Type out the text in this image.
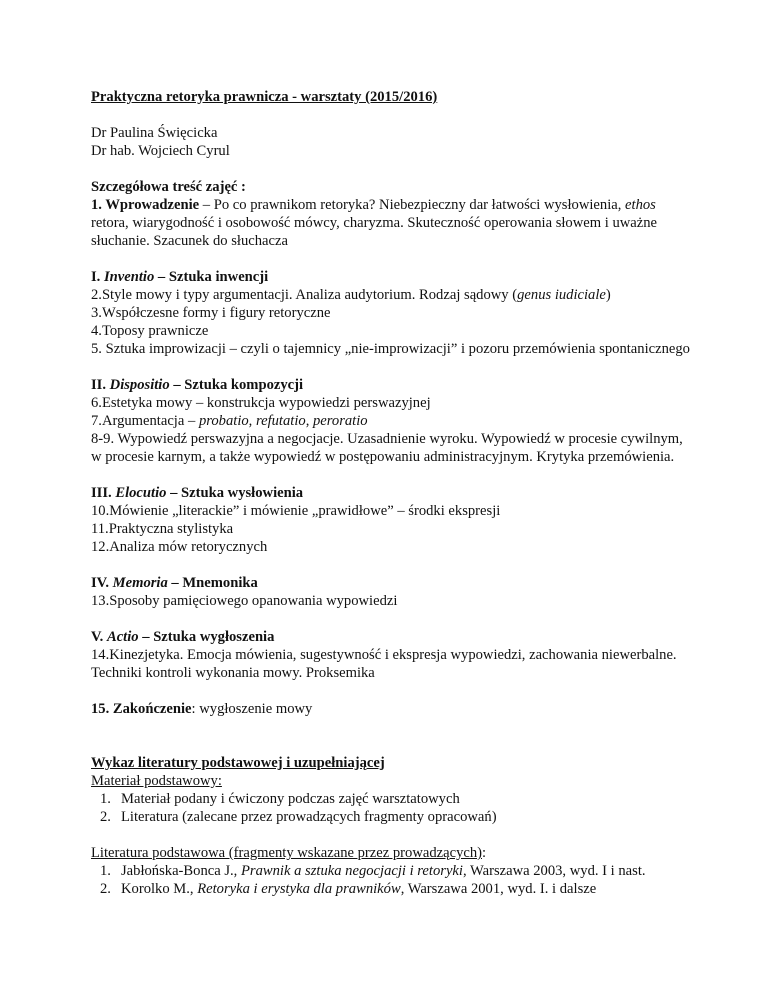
Praktyczna retoryka prawnicza - warsztaty (2015/2016)

Dr Paulina Święcicka

Dr hab. Wojciech Cyrul

Szczegółowa treść zajęć :

1. Wprowadzenie – Po co prawnikom retoryka? Niebezpieczny dar łatwości wysłowienia, ethos retora, wiarygodność i osobowość mówcy, charyzma. Skuteczność operowania słowem i uważne słuchanie. Szacunek do słuchacza

I. Inventio – Sztuka inwencji

2.Style mowy i typy argumentacji. Analiza audytorium. Rodzaj sądowy (genus iudiciale)

3.Współczesne formy i figury retoryczne

4.Toposy prawnicze

5. Sztuka improwizacji – czyli o tajemnicy „nie-improwizacji” i pozoru przemówienia spontanicznego

II. Dispositio – Sztuka kompozycji

6.Estetyka mowy – konstrukcja wypowiedzi perswazyjnej

7.Argumentacja – probatio, refutatio, peroratio

8-9. Wypowiedź perswazyjna a negocjacje. Uzasadnienie wyroku. Wypowiedź w procesie cywilnym, w procesie karnym, a także wypowiedź w postępowaniu administracyjnym. Krytyka przemówienia.

III. Elocutio – Sztuka wysłowienia

10.Mówienie „literackie” i mówienie „prawidłowe” – środki ekspresji

11.Praktyczna stylistyka

12.Analiza mów retorycznych

IV. Memoria – Mnemonika

13.Sposoby pamięciowego opanowania wypowiedzi

V. Actio – Sztuka wygłoszenia

14.Kinezjetyka. Emocja mówienia, sugestywność i ekspresja wypowiedzi, zachowania niewerbalne. Techniki kontroli wykonania mowy. Proksemika

15. Zakończenie: wygłoszenie mowy

Wykaz literatury podstawowej i uzupełniającej

Materiał podstawowy:

1. Materiał podany i ćwiczony podczas zajęć warsztatowych
2. Literatura (zalecane przez prowadzących fragmenty opracowań)

Literatura podstawowa (fragmenty wskazane przez prowadzących):

1. Jabłońska-Bonca J., Prawnik a sztuka negocjacji i retoryki, Warszawa 2003, wyd. I i nast.
2. Korolko M., Retoryka i erystyka dla prawników, Warszawa 2001, wyd. I. i dalsze
